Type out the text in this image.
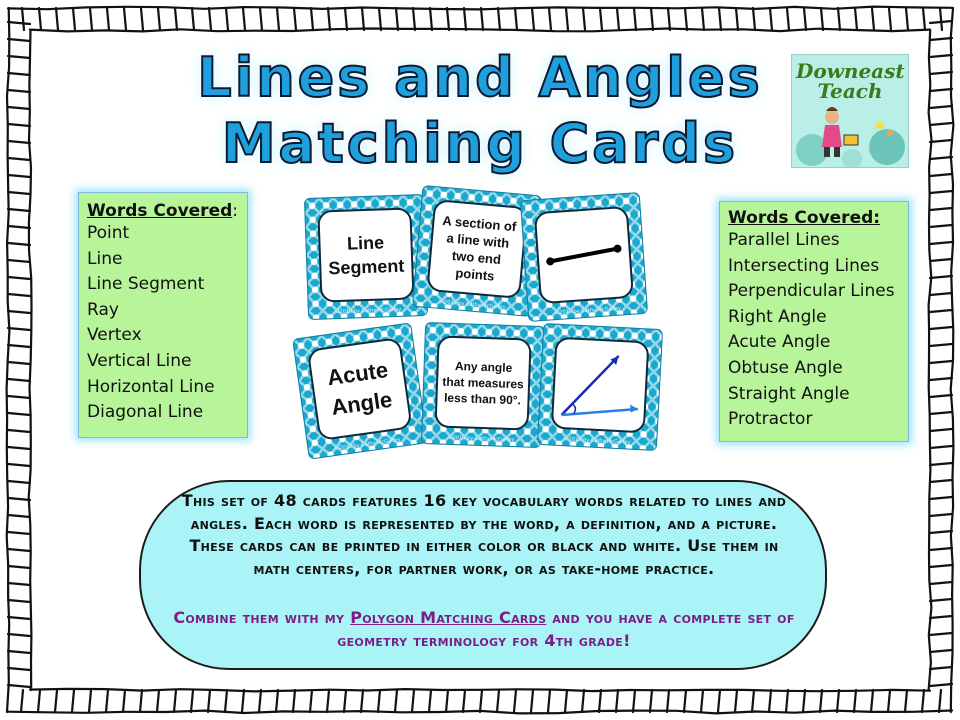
Lines and Angles
Matching Cards
Downeast Teach
Words Covered:
Point
Line
Line Segment
Ray
Vertex
Vertical Line
Horizontal Line
Diagonal Line
Words Covered:
Parallel Lines
Intersecting Lines
Perpendicular Lines
Right Angle
Acute Angle
Obtuse Angle
Straight Angle
Protractor
Line Segment
©2013 by Cathy McGaffey
A section of a line with two end points
©2013 by Cathy McGaffey
©2013 by Cathy McGaffey
Acute Angle
©2013 by Cathy McGaffey
Any angle that measures less than 90°.
©2013 by Cathy McGaffey	©2013 by Cathy McGaffey
This set of 48 cards features 16 key vocabulary words related to lines and angles. Each word is represented by the word, a definition, and a picture. These cards can be printed in either color or black and white. Use them in math centers, for partner work, or as take-home practice.
Combine them with my Polygon Matching Cards and you have a complete set of geometry terminology for 4th grade!
